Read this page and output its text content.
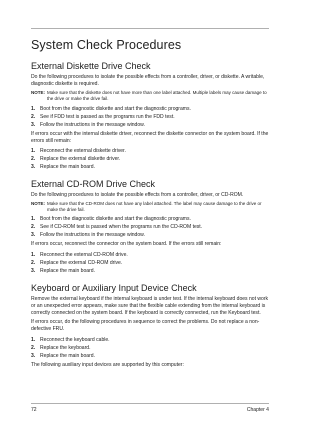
System Check Procedures
External Diskette Drive Check

Do the following procedures to isolate the possible effects from a controller, driver, or diskette. A writable, diagnostic diskette is required.

NOTE: Make sure that the diskette does not have more than one label attached. Multiple labels may cause damage to the drive or make the drive fail.
1. Boot from the diagnostic diskette and start the diagnostic programs.
2. See if FDD test is passed as the programs run the FDD test.
3. Follow the instructions in the message window.

If errors occur with the internal diskette driver, reconnect the diskette connector on the system board. If the errors still remain:

1. Reconnect the external diskette driver.
2. Replace the external diskette driver.
3. Replace the main board.
External CD-ROM Drive Check

Do the following procedures to isolate the possible effects from a controller, driver, or CD-ROM.

NOTE: Make sure that the CD-ROM does not have any label attached. The label may cause damage to the drive or make the drive fail.
1. Boot from the diagnostic diskette and start the diagnostic programs.
2. See if CD-ROM test is passed when the programs run the CD-ROM test.
3. Follow the instructions in the message window.

If errors occur, reconnect the connector on the system board. If the errors still remain:

1. Reconnect the external CD-ROM drive.
2. Replace the external CD-ROM drive.
3. Replace the main board.
Keyboard or Auxiliary Input Device Check

Remove the external keyboard if the internal keyboard is under test. If the internal keyboard does not work or an unexpected error appears, make sure that the flexible cable extending from the internal keyboard is correctly connected on the system board. If the keyboard is correctly connected, run the Keyboard test.

If errors occur, do the following procedures in sequence to correct the problems. Do not replace a non-defective FRU.

1. Reconnect the keyboard cable.
2. Replace the keyboard.
3. Replace the main board.

The following auxiliary input devices are supported by this computer:

72	Chapter 4
